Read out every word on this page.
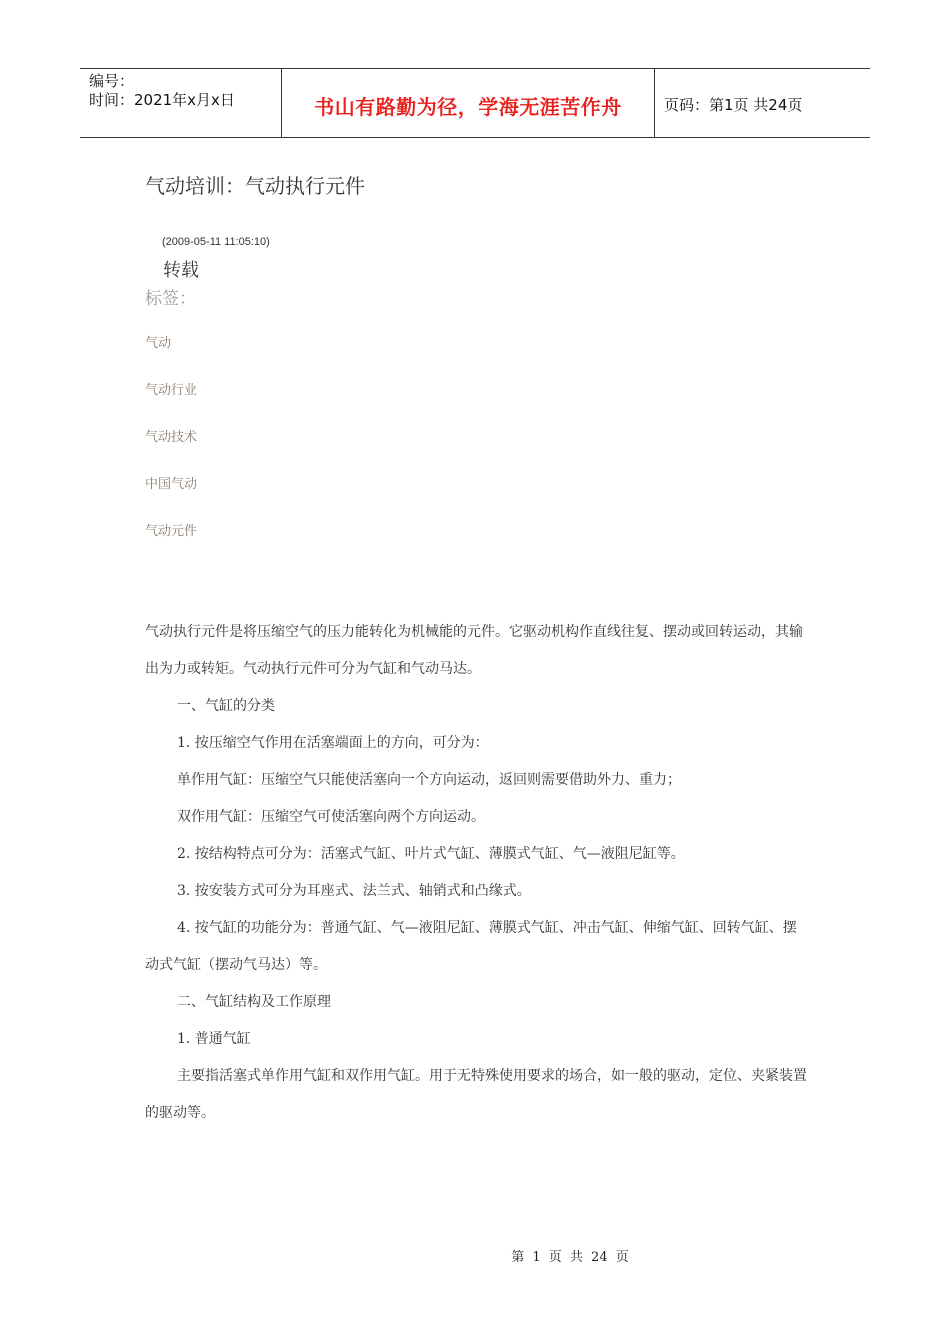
编号：
时间：2021年x月x日	书山有路勤为径，学海无涯苦作舟	页码：第1页 共24页
气动培训：气动执行元件
(2009-05-11 11:05:10)
转载
标签：
气动
气动行业
气动技术
中国气动
气动元件

气动执行元件是将压缩空气的压力能转化为机械能的元件。它驱动机构作直线往复、摆动或回转运动，其输出为力或转矩。气动执行元件可分为气缸和气动马达。

一、气缸的分类

1. 按压缩空气作用在活塞端面上的方向，可分为：

单作用气缸：压缩空气只能使活塞向一个方向运动，返回则需要借助外力、重力；

双作用气缸：压缩空气可使活塞向两个方向运动。

2. 按结构特点可分为：活塞式气缸、叶片式气缸、薄膜式气缸、气—液阻尼缸等。

3. 按安装方式可分为耳座式、法兰式、轴销式和凸缘式。

4. 按气缸的功能分为：普通气缸、气—液阻尼缸、薄膜式气缸、冲击气缸、伸缩气缸、回转气缸、摆动式气缸（摆动气马达）等。

二、气缸结构及工作原理

1. 普通气缸

主要指活塞式单作用气缸和双作用气缸。用于无特殊使用要求的场合，如一般的驱动，定位、夹紧装置的驱动等。

第 1 页 共 24 页
